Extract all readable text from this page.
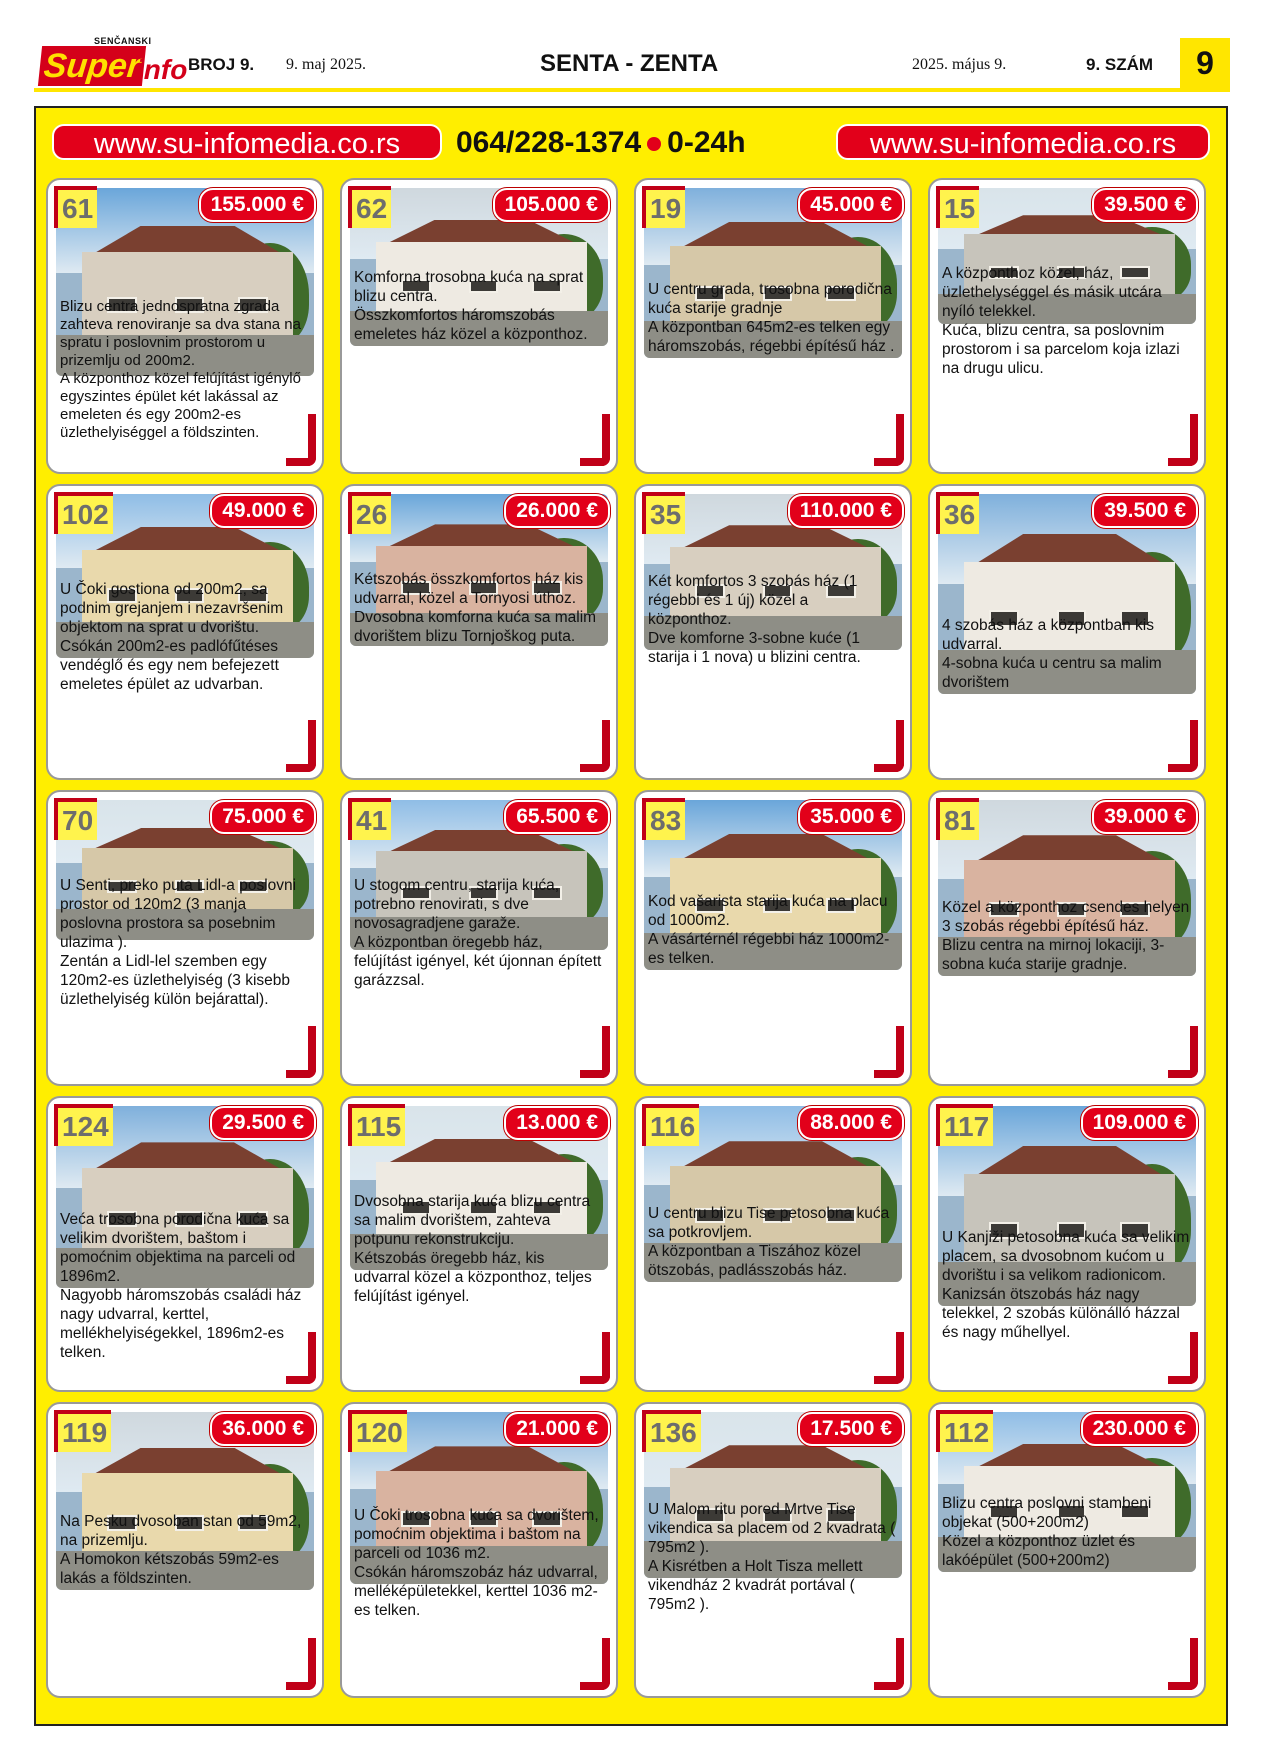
SENČANSKI
Super
info BROJ 9. 9. maj 2025.	SENTA - ZENTA	2025. május 9.	9. SZÁM	9
www.su-infomedia.co.rs	064/228-1374 0-24h	www.su-infomedia.co.rs
61	155.000 €
Blizu centra jednospratna zgrada zahteva renoviranje sa dva stana na spratu i poslovnim prostorom u prizemlju od 200m2.
A központhoz közel felújítást igénylő egyszintes épület két lakással az emeleten és egy 200m2-es üzlethelyiséggel a földszinten.
62	105.000 €
Komforna trosobna kuća na sprat blizu centra.
Összkomfortos háromszobás emeletes ház közel a központhoz.
19	45.000 €
U centru grada, trosobna porodična kuća starije gradnje
A központban 645m2-es telken egy háromszobás, régebbi építésű ház .
15	39.500 €
A központhoz közel, ház, üzlethelységgel és másik utcára nyíló telekkel.
Kuća, blizu centra, sa poslovnim prostorom i sa parcelom koja izlazi na drugu ulicu.
102	49.000 €
U Čoki gostiona od 200m2, sa podnim grejanjem i nezavršenim objektom na sprat u dvorištu.
Csókán 200m2-es padlófűtéses vendéglő és egy nem befejezett emeletes épület az udvarban.
26	26.000 €
Kétszobás összkomfortos ház kis udvarral, közel a Tornyosi úthoz.
Dvosobna komforna kuća sa malim dvorištem blizu Tornjoškog puta.
35	110.000 €
Két komfortos 3 szobás ház (1 régebbi és 1 új) közel a központhoz.
Dve komforne 3-sobne kuće (1 starija i 1 nova) u blizini centra.
36	39.500 €
4 szobás ház a központban kis udvarral.
4-sobna kuća u centru sa malim dvorištem
70	75.000 €
U Senti, preko puta Lidl-a poslovni prostor od 120m2 (3 manja poslovna prostora sa posebnim ulazima ).
Zentán a Lidl-lel szemben egy 120m2-es üzlethelyiség (3 kisebb üzlethelyiség külön bejárattal).
41	65.500 €
U stogom centru, starija kuća, potrebno renovirati, s dve novosagradjene garaže.
A központban öregebb ház, felújítást igényel, két újonnan épített garázzsal.
83	35.000 €
Kod vašarista starija kuća na placu od 1000m2.
A vásártérnél régebbi ház 1000m2-es telken.
81	39.000 €
Közel a központhoz csendes helyen 3 szobás régebbi építésű ház.
Blizu centra na mirnoj lokaciji, 3-sobna kuća starije gradnje.
124	29.500 €
Veća trosobna porodična kuća sa velikim dvorištem, baštom i pomoćnim objektima na parceli od 1896m2.
Nagyobb háromszobás családi ház nagy udvarral, kerttel, mellékhelyiségekkel, 1896m2-es telken.
115	13.000 €
Dvosobna starija kuća blizu centra sa malim dvorištem, zahteva potpunu rekonstrukciju.
Kétszobás öregebb ház, kis udvarral közel a központhoz, teljes felújítást igényel.
116	88.000 €
U centru blizu Tise petosobna kuća sa potkrovljem.
A központban a Tiszához közel ötszobás, padlásszobás ház.
117	109.000 €
U Kanjiži petosobna kuća sa velikim placem, sa dvosobnom kućom u dvorištu i sa velikom radionicom.
Kanizsán ötszobás ház nagy telekkel, 2 szobás különálló házzal és nagy műhellyel.
119	36.000 €
Na Pesku dvosoban stan od 59m2, na prizemlju.
A Homokon kétszobás 59m2-es lakás a földszinten.
120	21.000 €
U Čoki trosobna kuća sa dvorištem, pomoćnim objektima i baštom na parceli od 1036 m2.
Csókán háromszobáz ház udvarral, melléképületekkel, kerttel 1036 m2-es telken.
136	17.500 €
U Malom ritu pored Mrtve Tise vikendica sa placem od 2 kvadrata ( 795m2 ).
A Kisrétben a Holt Tisza mellett vikendház 2 kvadrát portával ( 795m2 ).
112	230.000 €
Blizu centra poslovni stambeni objekat (500+200m2)
Közel a központhoz üzlet és lakóépület (500+200m2)
